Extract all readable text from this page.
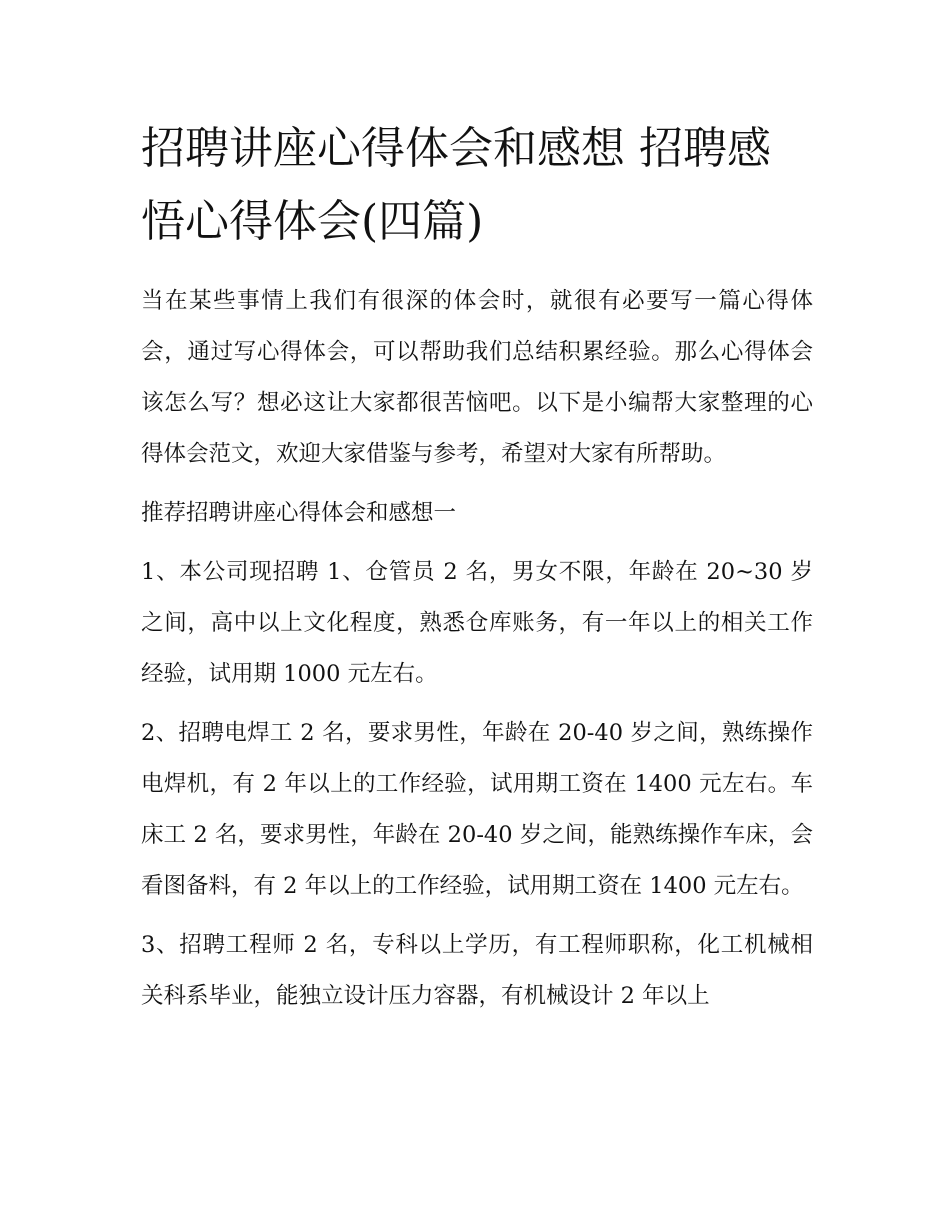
招聘讲座心得体会和感想 招聘感悟心得体会(四篇)

当在某些事情上我们有很深的体会时，就很有必要写一篇心得体会，通过写心得体会，可以帮助我们总结积累经验。那么心得体会该怎么写？想必这让大家都很苦恼吧。以下是小编帮大家整理的心得体会范文，欢迎大家借鉴与参考，希望对大家有所帮助。

推荐招聘讲座心得体会和感想一

1、本公司现招聘 1、仓管员 2 名，男女不限，年龄在 20~30 岁之间，高中以上文化程度，熟悉仓库账务，有一年以上的相关工作经验，试用期 1000 元左右。

2、招聘电焊工 2 名，要求男性，年龄在 20-40 岁之间，熟练操作电焊机，有 2 年以上的工作经验，试用期工资在 1400 元左右。车床工 2 名，要求男性，年龄在 20-40 岁之间，能熟练操作车床，会看图备料，有 2 年以上的工作经验，试用期工资在 1400 元左右。

3、招聘工程师 2 名，专科以上学历，有工程师职称，化工机械相关科系毕业，能独立设计压力容器，有机械设计 2 年以上
